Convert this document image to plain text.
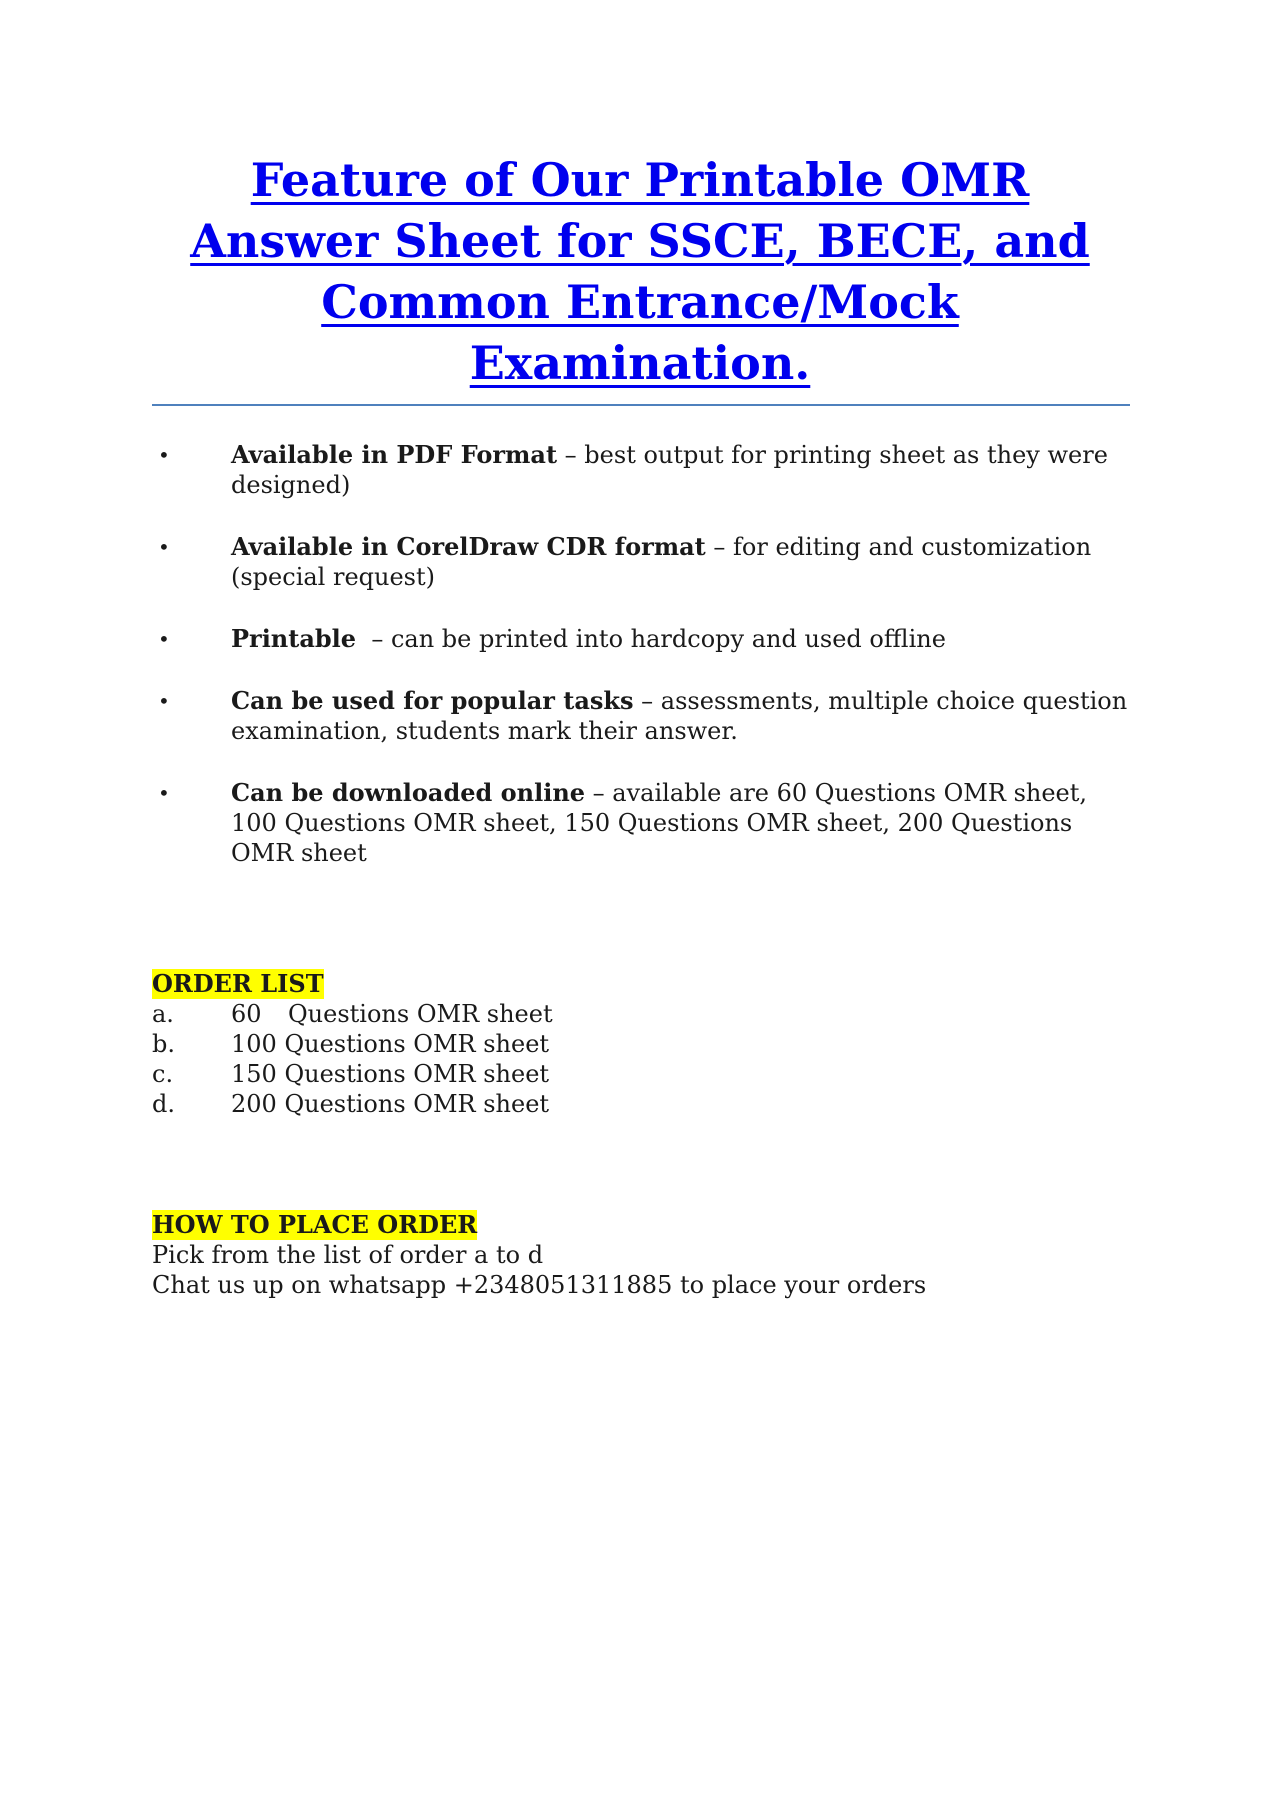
Feature of Our Printable OMR
Answer Sheet for SSCE, BECE, and
Common Entrance/Mock
Examination.
•	Available in PDF Format – best output for printing sheet as they were designed)
•	Available in CorelDraw CDR format – for editing and customization (special request)
•	Printable  – can be printed into hardcopy and used offline
•	Can be used for popular tasks – assessments, multiple choice question examination, students mark their answer.
•	Can be downloaded online – available are 60 Questions OMR sheet, 100 Questions OMR sheet, 150 Questions OMR sheet, 200 Questions OMR sheet
ORDER LIST
a.	60	Questions OMR sheet
b.	100
Questions OMR sheet
c.	150
Questions OMR sheet
d.	200
Questions OMR sheet
HOW TO PLACE ORDER
Pick from the list of order a to d
Chat us up on whatsapp +2348051311885 to place your orders
